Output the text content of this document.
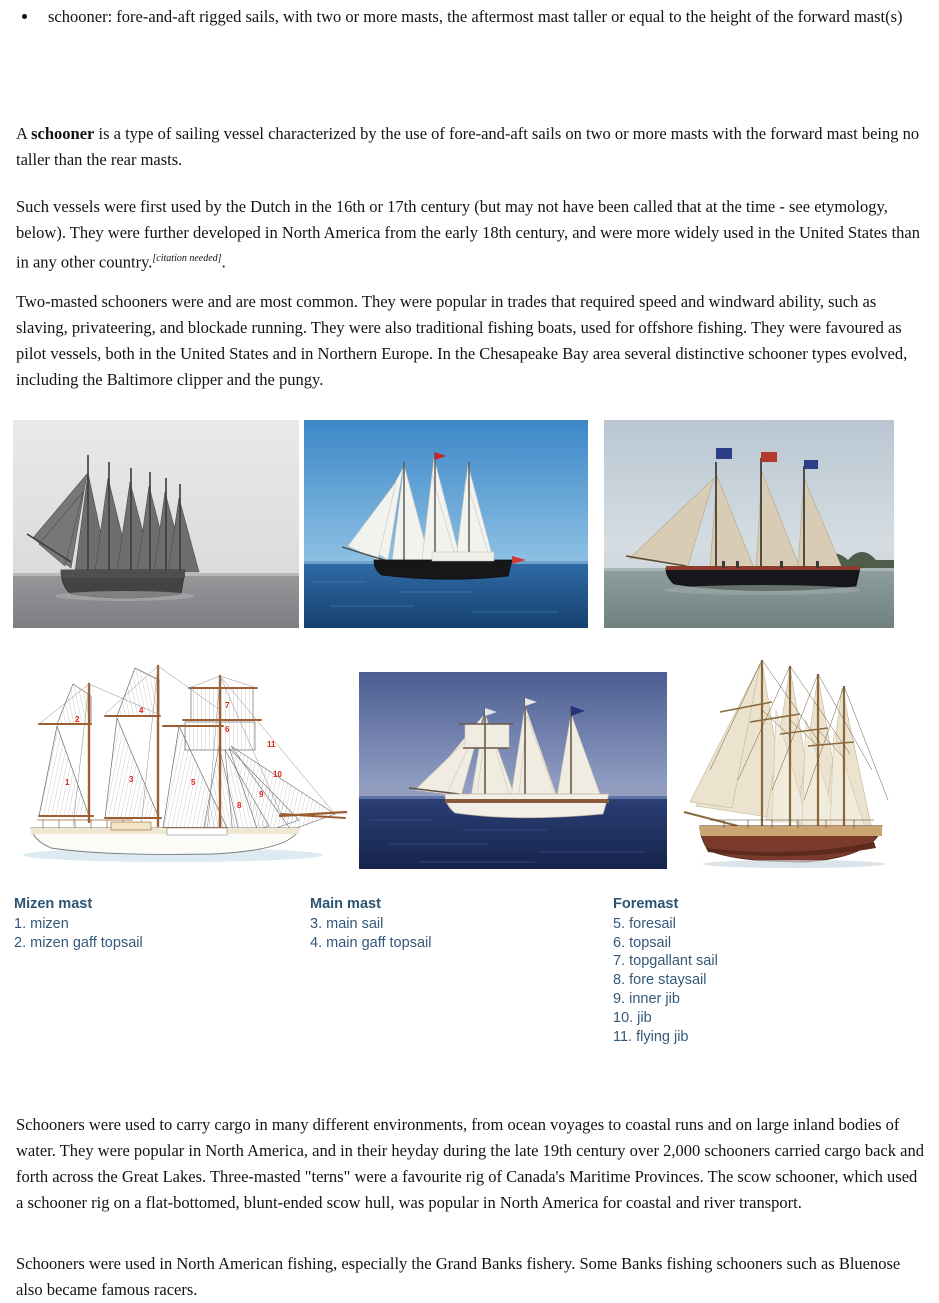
schooner: fore-and-aft rigged sails, with two or more masts, the aftermost mast taller or equal to the height of the forward mast(s)

A schooner is a type of sailing vessel characterized by the use of fore-and-aft sails on two or more masts with the forward mast being no taller than the rear masts.

Such vessels were first used by the Dutch in the 16th or 17th century (but may not have been called that at the time - see etymology, below). They were further developed in North America from the early 18th century, and were more widely used in the United States than in any other country.[citation needed].

Two-masted schooners were and are most common. They were popular in trades that required speed and windward ability, such as slaving, privateering, and blockade running. They were also traditional fishing boats, used for offshore fishing. They were favoured as pilot vessels, both in the United States and in Northern Europe. In the Chesapeake Bay area several distinctive schooner types evolved, including the Baltimore clipper and the pungy.

1
2
3
4
5
6
7
8
9
10
11
Mizen mast
1. mizen
2. mizen gaff topsail
Main mast
3. main sail
4. main gaff topsail
Foremast
5. foresail
6. topsail
7. topgallant sail
8. fore staysail
9. inner jib
10. jib
11. flying jib

Schooners were used to carry cargo in many different environments, from ocean voyages to coastal runs and on large inland bodies of water. They were popular in North America, and in their heyday during the late 19th century over 2,000 schooners carried cargo back and forth across the Great Lakes. Three-masted "terns" were a favourite rig of Canada's Maritime Provinces. The scow schooner, which used a schooner rig on a flat-bottomed, blunt-ended scow hull, was popular in North America for coastal and river transport.

Schooners were used in North American fishing, especially the Grand Banks fishery. Some Banks fishing schooners such as Bluenose also became famous racers.
